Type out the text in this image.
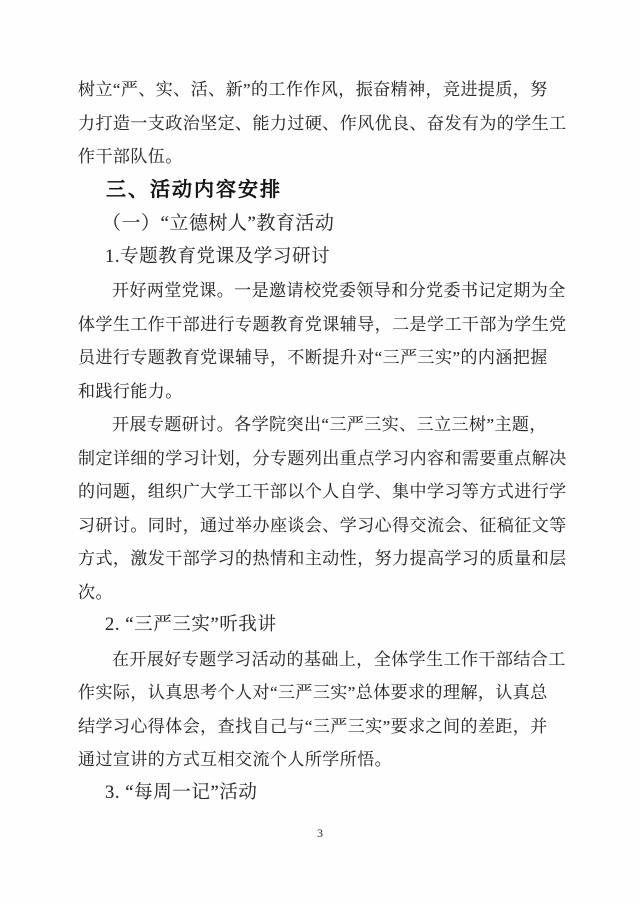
树立“严、实、活、新”的工作作风，振奋精神，竞进提质，努
力打造一支政治坚定、能力过硬、作风优良、奋发有为的学生工
作干部队伍。
三、活动内容安排
（一）“立德树人”教育活动
1.专题教育党课及学习研讨
开好两堂党课。一是邀请校党委领导和分党委书记定期为全
体学生工作干部进行专题教育党课辅导，二是学工干部为学生党
员进行专题教育党课辅导，不断提升对“三严三实”的内涵把握
和践行能力。
开展专题研讨。各学院突出“三严三实、三立三树”主题，
制定详细的学习计划，分专题列出重点学习内容和需要重点解决
的问题，组织广大学工干部以个人自学、集中学习等方式进行学
习研讨。同时，通过举办座谈会、学习心得交流会、征稿征文等
方式，激发干部学习的热情和主动性，努力提高学习的质量和层
次。
2. “三严三实”听我讲
在开展好专题学习活动的基础上，全体学生工作干部结合工
作实际，认真思考个人对“三严三实”总体要求的理解，认真总
结学习心得体会，查找自己与“三严三实”要求之间的差距，并
通过宣讲的方式互相交流个人所学所悟。
3. “每周一记”活动
3
